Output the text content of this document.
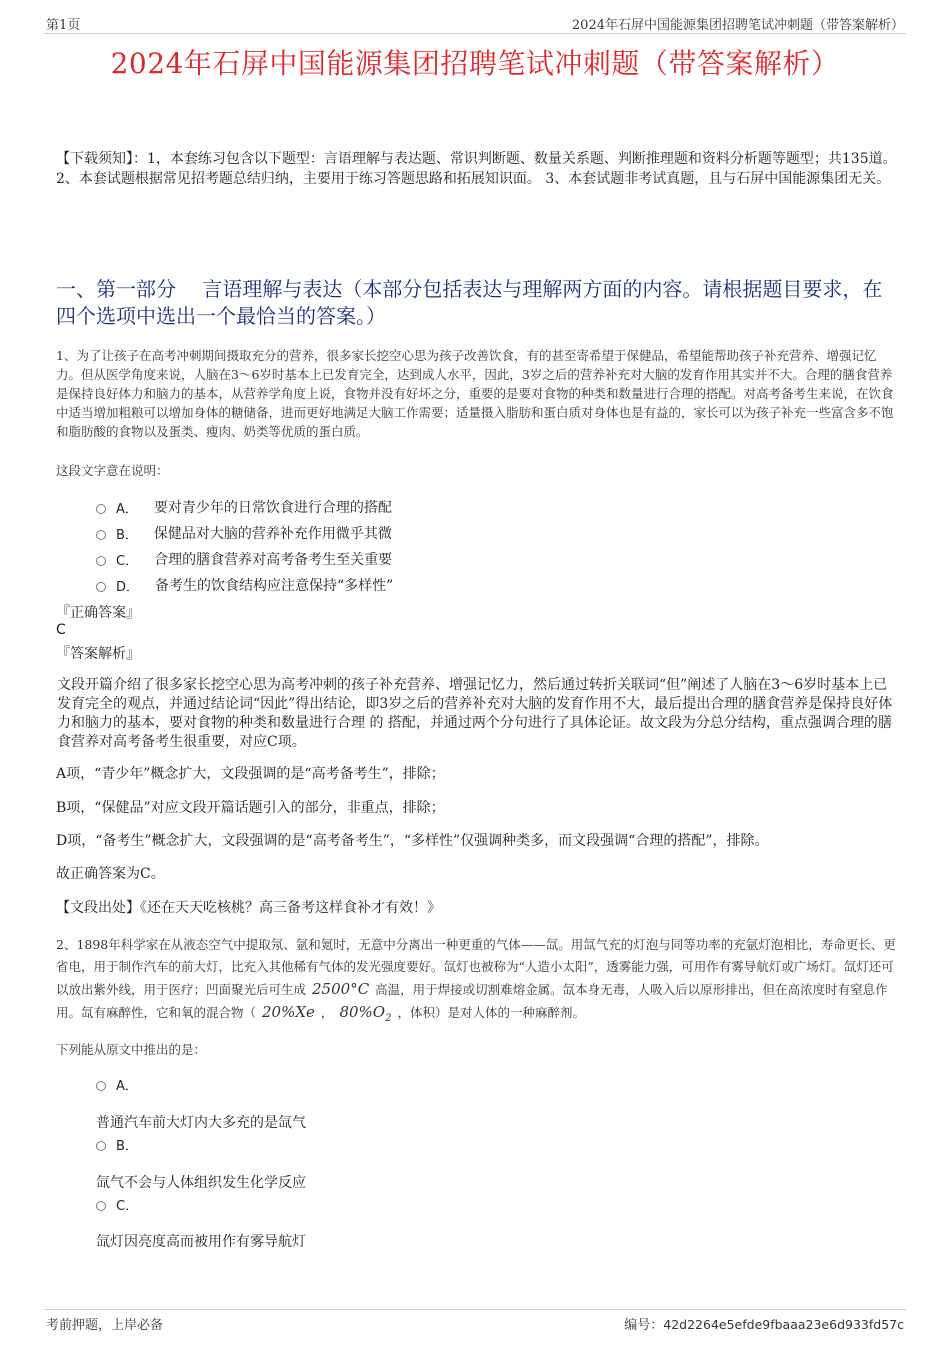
第1页	2024年石屏中国能源集团招聘笔试冲刺题（带答案解析）
2024年石屏中国能源集团招聘笔试冲刺题（带答案解析）
【下载须知】：1，本套练习包含以下题型：言语理解与表达题、常识判断题、数量关系题、判断推理题和资料分析题等题型；共135道。 2、本套试题根据常见招考题总结归纳，主要用于练习答题思路和拓展知识面。 3、本套试题非考试真题，且与石屏中国能源集团无关。
一、第一部分　 言语理解与表达（本部分包括表达与理解两方面的内容。请根据题目要求，在四个选项中选出一个最恰当的答案。）
1、为了让孩子在高考冲刺期间摄取充分的营养，很多家长挖空心思为孩子改善饮食，有的甚至寄希望于保健品，希望能帮助孩子补充营养、增强记忆力。但从医学角度来说，人脑在3～6岁时基本上已发育完全，达到成人水平，因此，3岁之后的营养补充对大脑的发育作用其实并不大。合理的膳食营养是保持良好体力和脑力的基本，从营养学角度上说，食物并没有好坏之分，重要的是要对食物的种类和数量进行合理的搭配。对高考备考生来说，在饮食中适当增加粗粮可以增加身体的糖储备，进而更好地满足大脑工作需要；适量摄入脂肪和蛋白质对身体也是有益的，家长可以为孩子补充一些富含多不饱和脂肪酸的食物以及蛋类、瘦肉、奶类等优质的蛋白质。
这段文字意在说明：
A． 要对青少年的日常饮食进行合理的搭配
B． 保健品对大脑的营养补充作用微乎其微
C． 合理的膳食营养对高考备考生至关重要
D． 备考生的饮食结构应注意保持“多样性”
『正确答案』
C
『答案解析』
文段开篇介绍了很多家长挖空心思为高考冲刺的孩子补充营养、增强记忆力，然后通过转折关联词“但”阐述了人脑在3～6岁时基本上已发育完全的观点，并通过结论词“因此”得出结论，即3岁之后的营养补充对大脑的发育作用不大，最后提出合理的膳食营养是保持良好体力和脑力的基本，要对食物的种类和数量进行合理 的 搭配，并通过两个分句进行了具体论证。故文段为分总分结构，重点强调合理的膳食营养对高考备考生很重要，对应C项。
A项，“青少年”概念扩大，文段强调的是“高考备考生”，排除；
B项，“保健品”对应文段开篇话题引入的部分，非重点，排除；
D项，“备考生”概念扩大，文段强调的是“高考备考生”，“多样性”仅强调种类多，而文段强调“合理的搭配”，排除。
故正确答案为C。
【文段出处】《还在天天吃核桃？高三备考这样食补才有效！》
2、1898年科学家在从液态空气中提取氖、氩和氪时，无意中分离出一种更重的气体——氙。用氙气充的灯泡与同等功率的充氩灯泡相比，寿命更长、更省电，用于制作汽车的前大灯，比充入其他稀有气体的发光强度要好。氙灯也被称为“人造小太阳”，透雾能力强，可用作有雾导航灯或广场灯。氙灯还可以放出紫外线，用于医疗；凹面聚光后可生成 2500°C 高温，用于焊接或切割难熔金属。氙本身无毒，人吸入后以原形排出，但在高浓度时有窒息作用。氙有麻醉性，它和氧的混合物（ 20%Xe ， $80\%O_2$ ，体积）是对人体的一种麻醉剂。
下列能从原文中推出的是：
A．
普通汽车前大灯内大多充的是氙气
B．
氙气不会与人体组织发生化学反应
C．
氙灯因亮度高而被用作有雾导航灯
考前押题，上岸必备	编号：42d2264e5efde9fbaaa23e6d933fd57c
